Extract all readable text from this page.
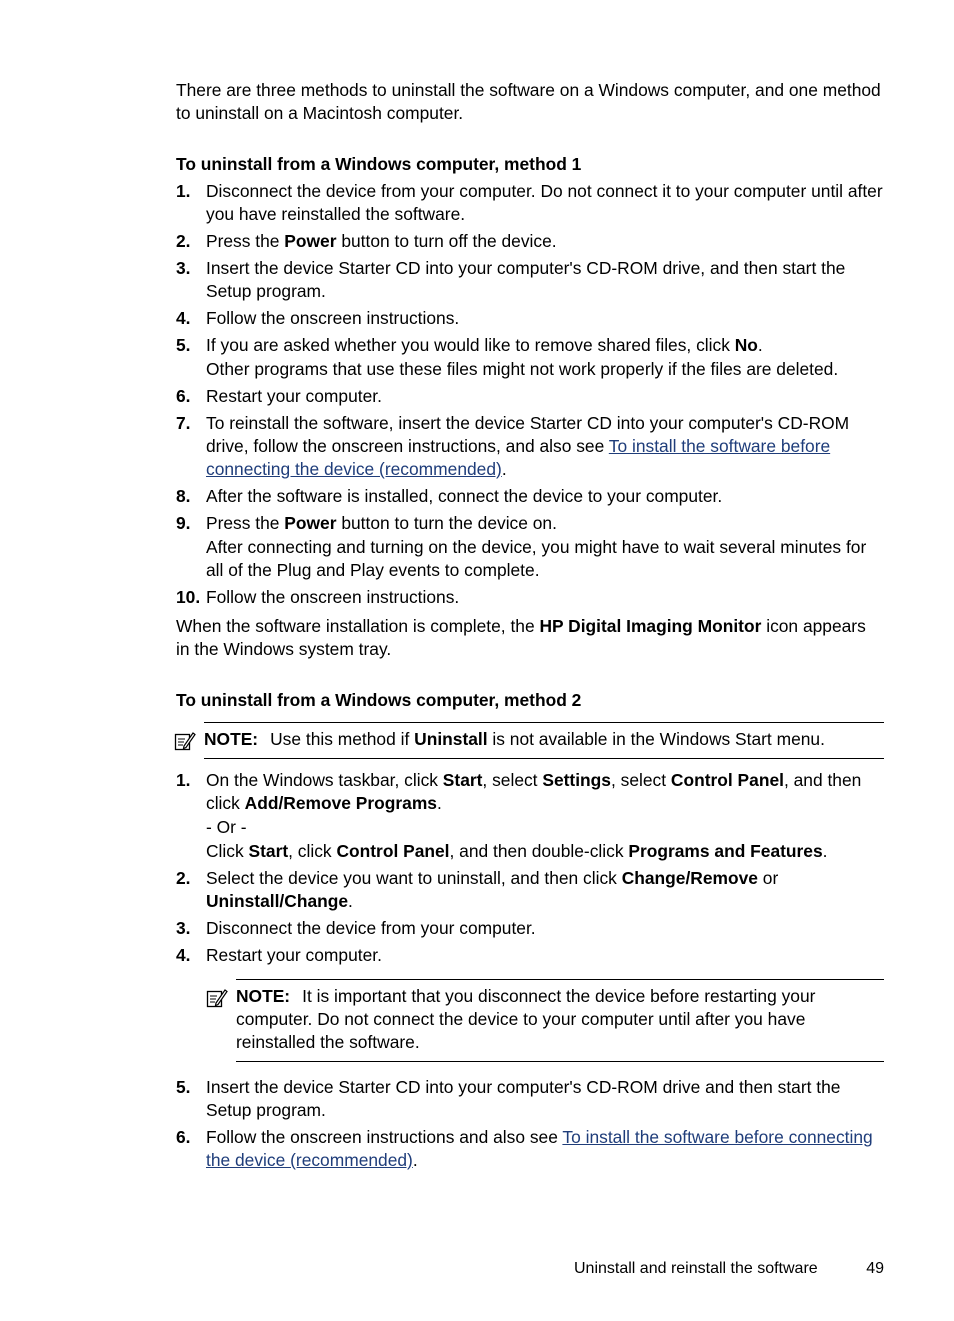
There are three methods to uninstall the software on a Windows computer, and one method to uninstall on a Macintosh computer.

To uninstall from a Windows computer, method 1

1. Disconnect the device from your computer. Do not connect it to your computer until after you have reinstalled the software.
2. Press the Power button to turn off the device.
3. Insert the device Starter CD into your computer's CD-ROM drive, and then start the Setup program.
4. Follow the onscreen instructions.
5. If you are asked whether you would like to remove shared files, click No.

Other programs that use these files might not work properly if the files are deleted.

6. Restart your computer.
7. To reinstall the software, insert the device Starter CD into your computer's CD-ROM drive, follow the onscreen instructions, and also see To install the software before connecting the device (recommended).
8. After the software is installed, connect the device to your computer.
9. Press the Power button to turn the device on.

After connecting and turning on the device, you might have to wait several minutes for all of the Plug and Play events to complete.

10. Follow the onscreen instructions.

When the software installation is complete, the HP Digital Imaging Monitor icon appears in the Windows system tray.

To uninstall from a Windows computer, method 2

NOTE: Use this method if Uninstall is not available in the Windows Start menu.
1. On the Windows taskbar, click Start, select Settings, select Control Panel, and then click Add/Remove Programs.

- Or -

Click Start, click Control Panel, and then double-click Programs and Features.

2. Select the device you want to uninstall, and then click Change/Remove or Uninstall/Change.
3. Disconnect the device from your computer.
4. Restart your computer.
NOTE: It is important that you disconnect the device before restarting your computer. Do not connect the device to your computer until after you have reinstalled the software.
5. Insert the device Starter CD into your computer's CD-ROM drive and then start the Setup program.
6. Follow the onscreen instructions and also see To install the software before connecting the device (recommended).
Uninstall and reinstall the software	49
